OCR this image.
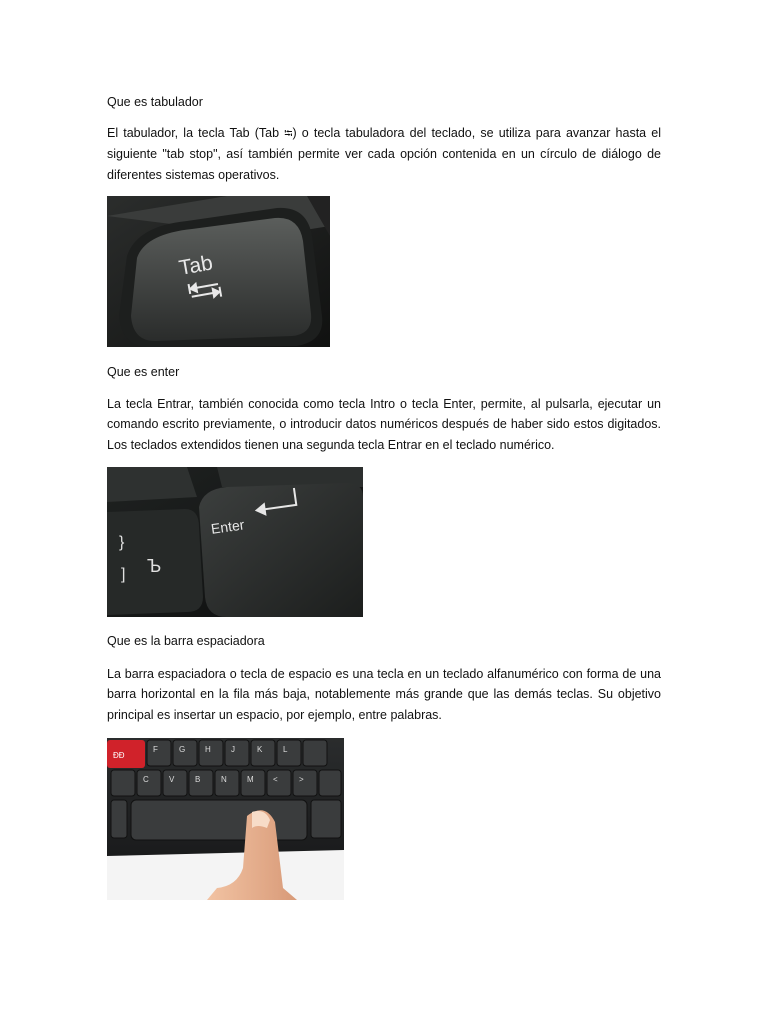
Que es tabulador
El tabulador, la tecla Tab (Tab ⭾) o tecla tabuladora del teclado, se utiliza para avanzar hasta el siguiente "tab stop", así también permite ver cada opción contenida en un círculo de diálogo de diferentes sistemas operativos.
Tab
Que es enter
La tecla Entrar, también conocida como tecla Intro o tecla Enter, permite, al pulsarla, ejecutar un comando escrito previamente, o introducir datos numéricos después de haber sido estos digitados. Los teclados extendidos tienen una segunda tecla Entrar en el teclado numérico.
}
] Ъ
Enter
Que es la barra espaciadora
La barra espaciadora o tecla de espacio es una tecla en un teclado alfanumérico con forma de una barra horizontal en la fila más baja, notablemente más grande que las demás teclas. Su objetivo principal es insertar un espacio, por ejemplo, entre palabras.
ĐĐ
F	G H	J	K	L
C	V	B	N	M <	>
